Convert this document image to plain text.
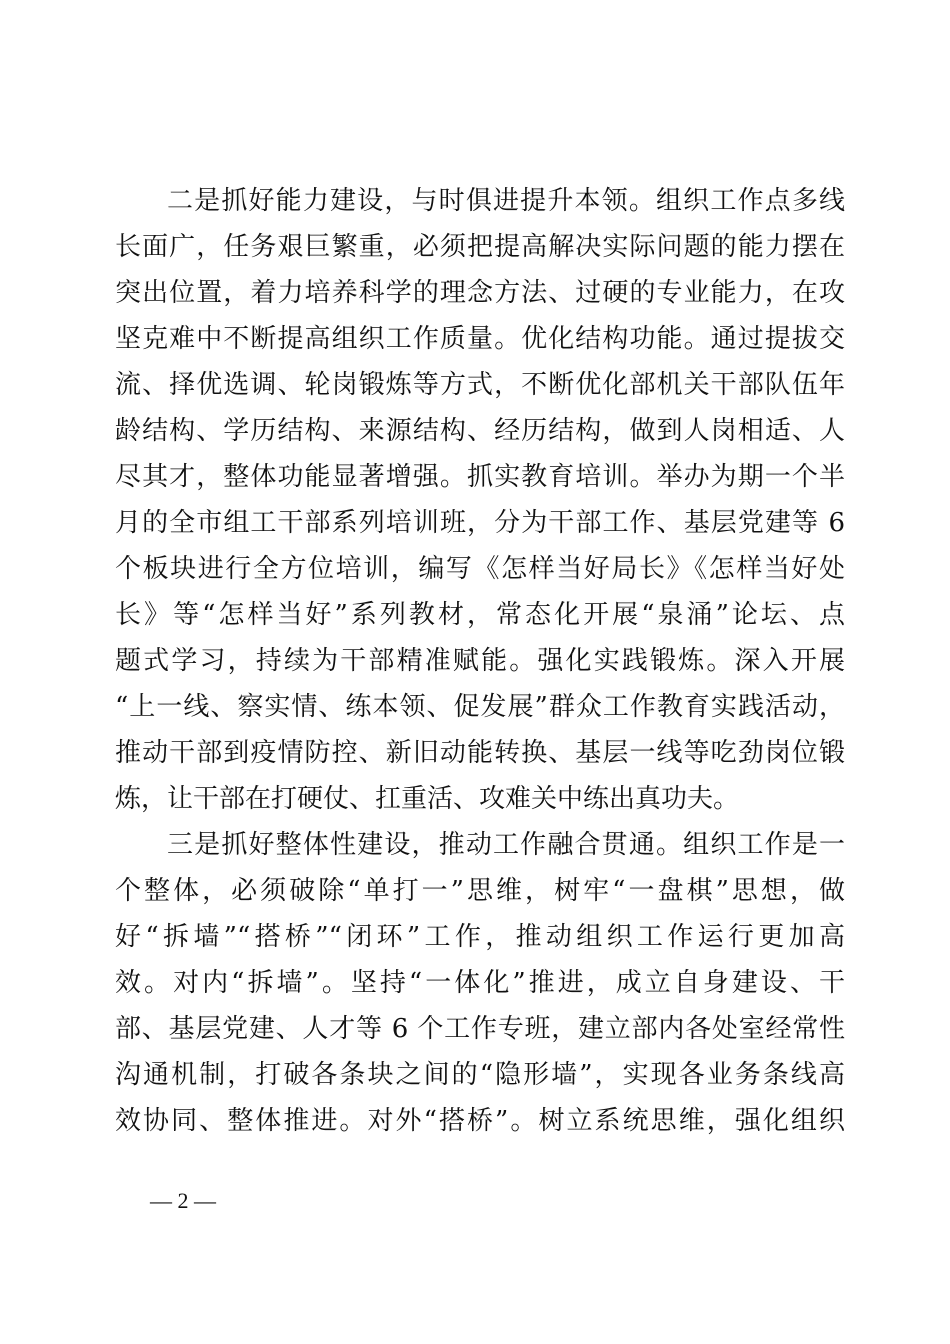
二是抓好能力建设，与时俱进提升本领。组织工作点多线
长面广，任务艰巨繁重，必须把提高解决实际问题的能力摆在
突出位置，着力培养科学的理念方法、过硬的专业能力，在攻
坚克难中不断提高组织工作质量。优化结构功能。通过提拔交
流、择优选调、轮岗锻炼等方式，不断优化部机关干部队伍年
龄结构、学历结构、来源结构、经历结构，做到人岗相适、人
尽其才，整体功能显著增强。抓实教育培训。举办为期一个半
月的全市组工干部系列培训班，分为干部工作、基层党建等 6
个板块进行全方位培训，编写《怎样当好局长》《怎样当好处
长》等“怎样当好”系列教材，常态化开展“泉涌”论坛、点
题式学习，持续为干部精准赋能。强化实践锻炼。深入开展
“上一线、察实情、练本领、促发展”群众工作教育实践活动，
推动干部到疫情防控、新旧动能转换、基层一线等吃劲岗位锻
炼，让干部在打硬仗、扛重活、攻难关中练出真功夫。
三是抓好整体性建设，推动工作融合贯通。组织工作是一
个整体，必须破除“单打一”思维，树牢“一盘棋”思想，做
好“拆墙”“搭桥”“闭环”工作，推动组织工作运行更加高
效。对内“拆墙”。坚持“一体化”推进，成立自身建设、干
部、基层党建、人才等 6 个工作专班，建立部内各处室经常性
沟通机制，打破各条块之间的“隐形墙”，实现各业务条线高
效协同、整体推进。对外“搭桥”。树立系统思维，强化组织
— 2 —
